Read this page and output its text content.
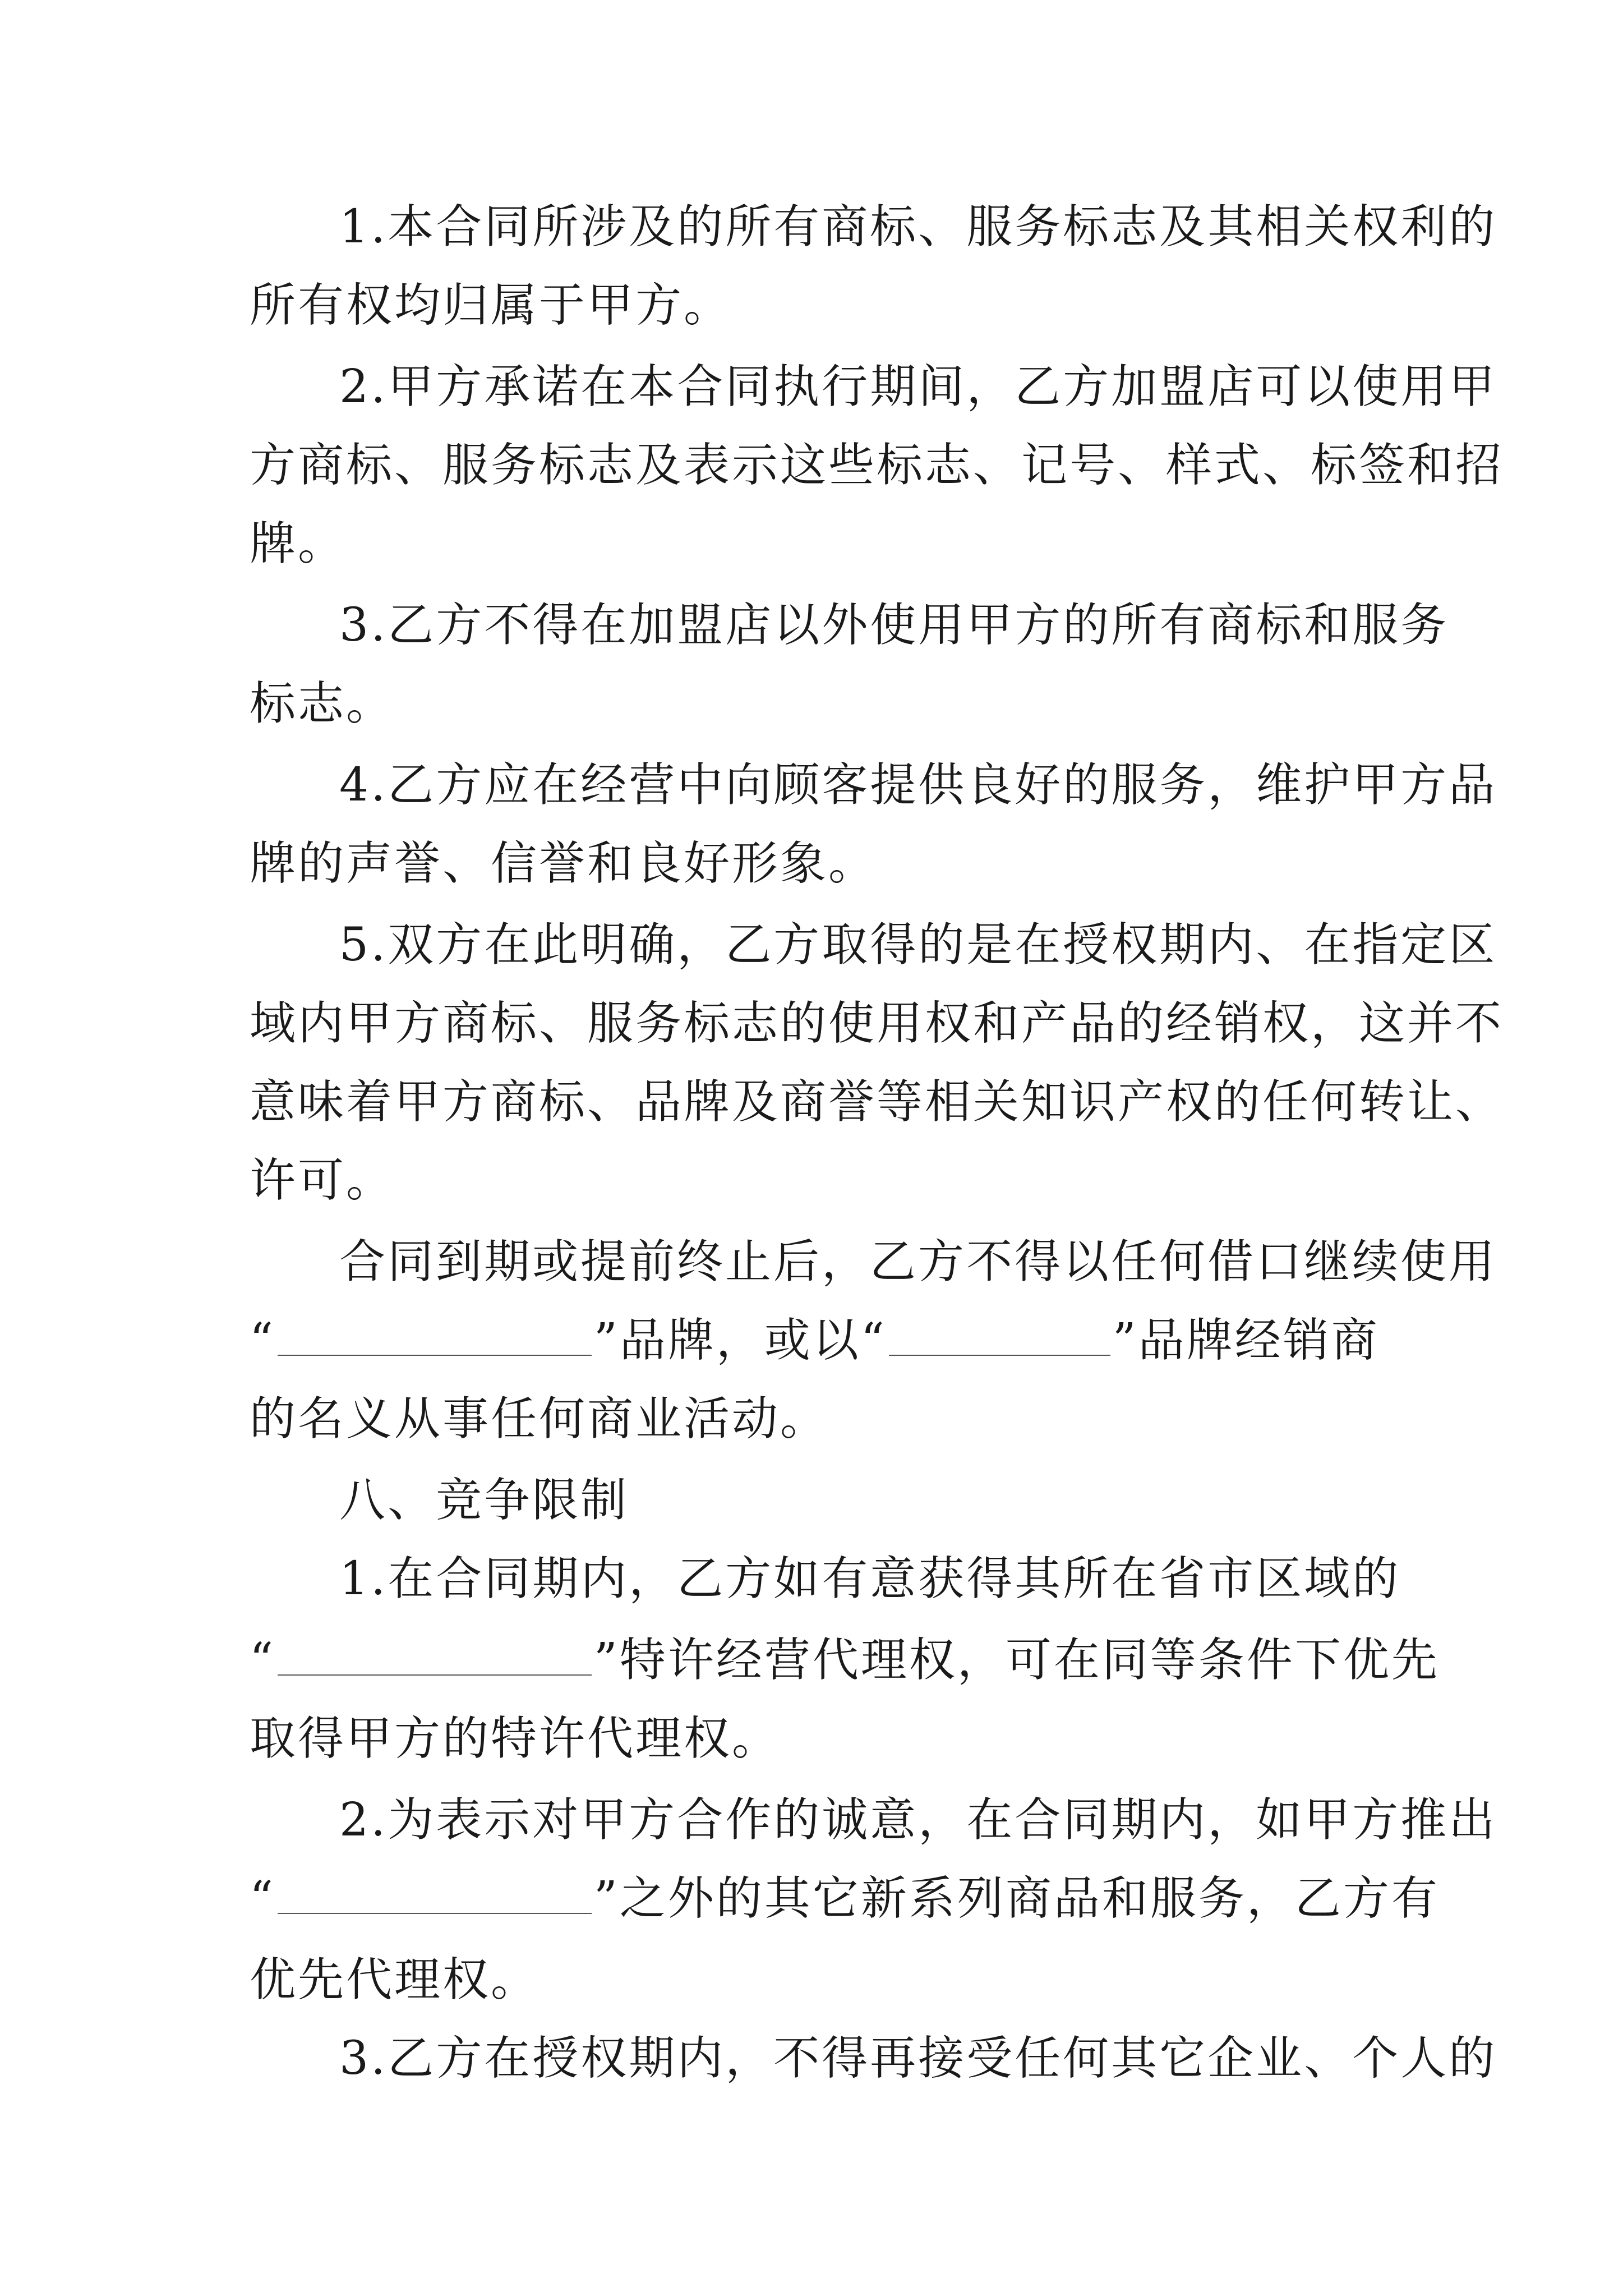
1.本合同所涉及的所有商标、服务标志及其相关权利的
所有权均归属于甲方。
2.甲方承诺在本合同执行期间，乙方加盟店可以使用甲
方商标、服务标志及表示这些标志、记号、样式、标签和招
牌。
3.乙方不得在加盟店以外使用甲方的所有商标和服务
标志。
4.乙方应在经营中向顾客提供良好的服务，维护甲方品
牌的声誉、信誉和良好形象。
5.双方在此明确，乙方取得的是在授权期内、在指定区
域内甲方商标、服务标志的使用权和产品的经销权，这并不
意味着甲方商标、品牌及商誉等相关知识产权的任何转让、
许可。
合同到期或提前终止后，乙方不得以任何借口继续使用
“	”品牌，或以“	”品牌经销商
的名义从事任何商业活动。
八、竞争限制
1.在合同期内，乙方如有意获得其所在省市区域的
“	”特许经营代理权，可在同等条件下优先
取得甲方的特许代理权。
2.为表示对甲方合作的诚意，在合同期内，如甲方推出
“	”之外的其它新系列商品和服务，乙方有
优先代理权。
3.乙方在授权期内，不得再接受任何其它企业、个人的
